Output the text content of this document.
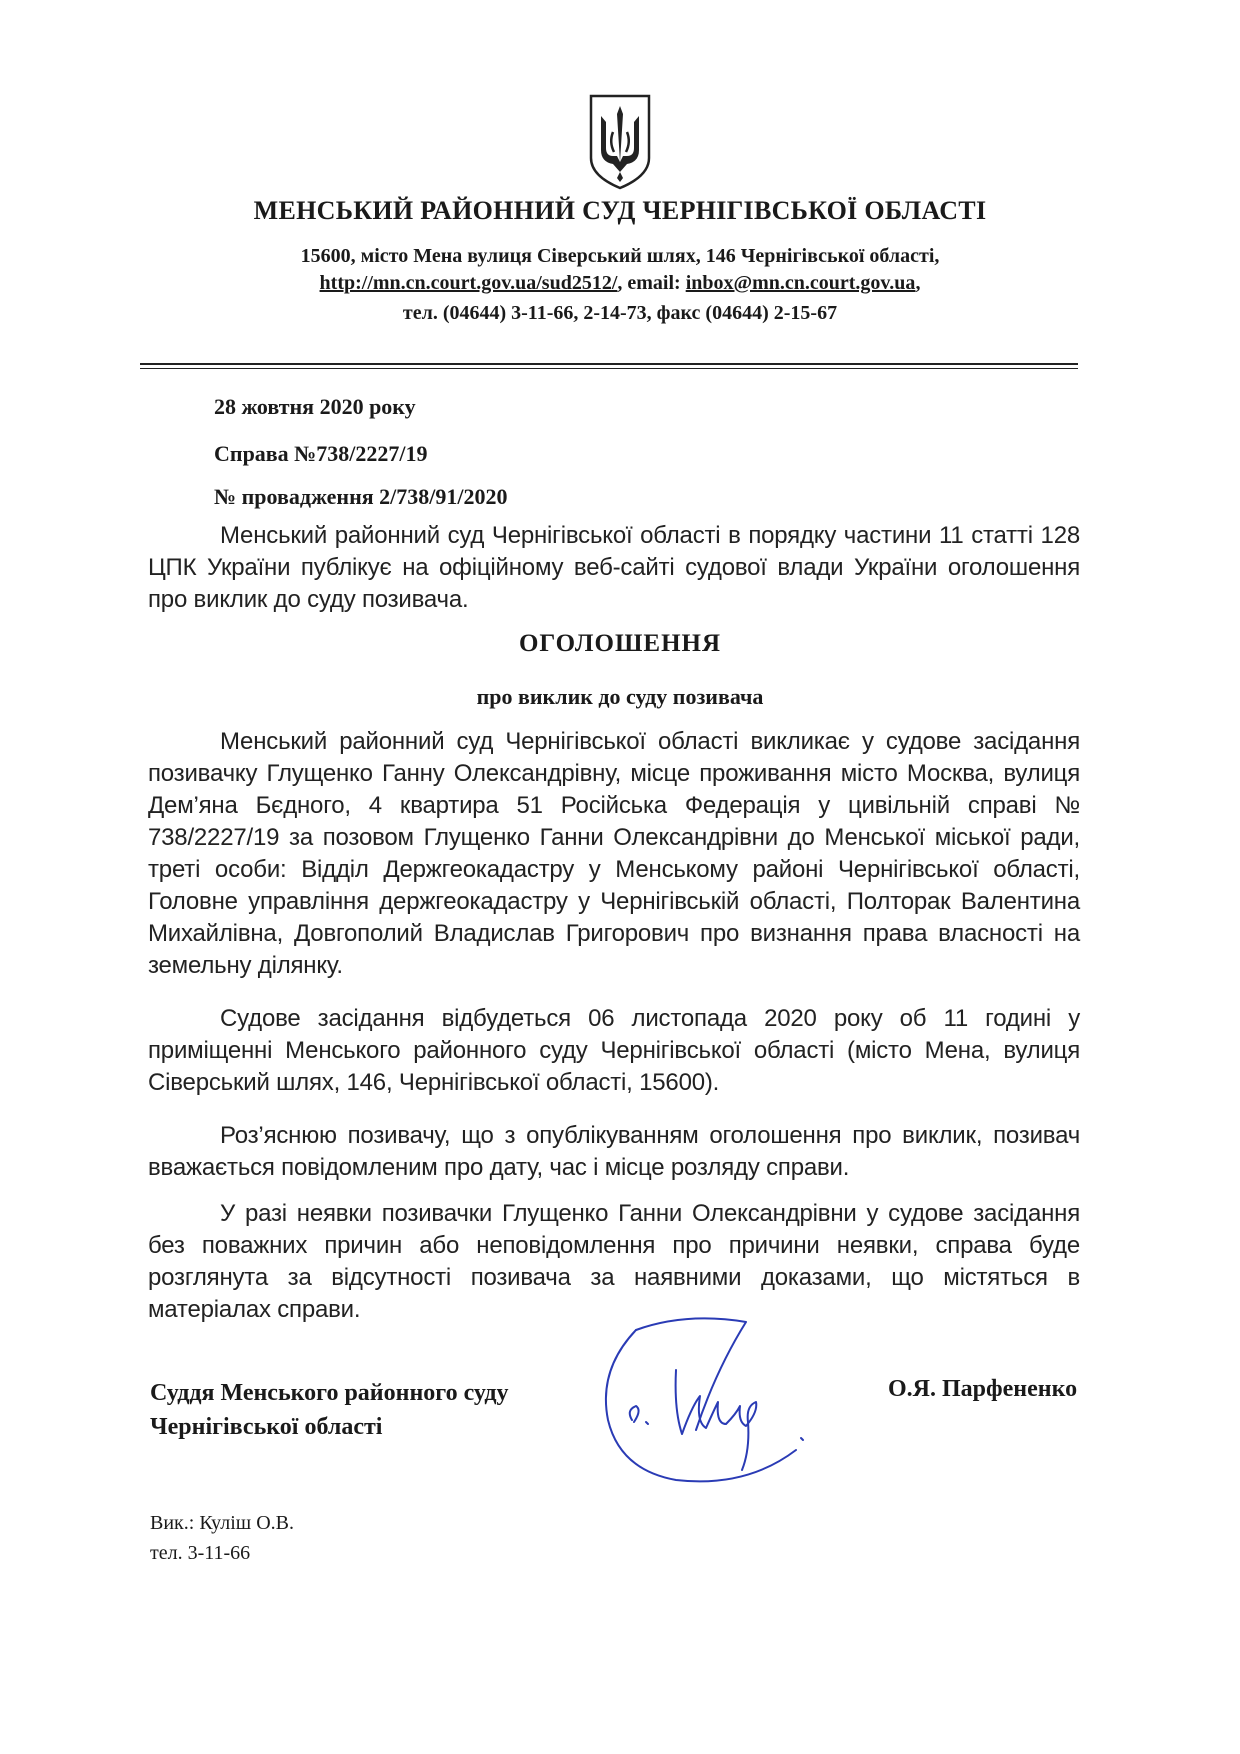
МЕНСЬКИЙ РАЙОННИЙ СУД ЧЕРНІГІВСЬКОЇ ОБЛАСТІ
15600, місто Мена вулиця Сіверський шлях, 146 Чернігівської області,
http://mn.cn.court.gov.ua/sud2512/, email: inbox@mn.cn.court.gov.ua,
тел. (04644) 3-11-66, 2-14-73, факс (04644) 2-15-67
28 жовтня 2020 року
Справа №738/2227/19
№ провадження 2/738/91/2020
Менський районний суд Чернігівської області в порядку частини 11 статті 128 ЦПК України публікує на офіційному веб-сайті судової влади України оголошення про виклик до суду позивача.
ОГОЛОШЕННЯ
про виклик до суду позивача
Менський районний суд Чернігівської області викликає у судове засідання позивачку Глущенко Ганну Олександрівну, місце проживання місто Москва, вулиця Дем’яна Бєдного, 4 квартира 51 Російська Федерація у цивільній справі № 738/2227/19 за позовом Глущенко Ганни Олександрівни до Менської міської ради, треті особи: Відділ Держгеокадастру у Менському районі Чернігівської області, Головне управління держгеокадастру у Чернігівській області, Полторак Валентина Михайлівна, Довгополий Владислав Григорович про визнання права власності на земельну ділянку.
Судове засідання відбудеться 06 листопада 2020 року об 11 годині у приміщенні Менського районного суду Чернігівської області (місто Мена, вулиця Сіверський шлях, 146, Чернігівської області, 15600).
Роз’яснюю позивачу, що з опублікуванням оголошення про виклик, позивач вважається повідомленим про дату, час і місце розляду справи.
У разі неявки позивачки Глущенко Ганни Олександрівни у судове засідання без поважних причин або неповідомлення про причини неявки, справа буде розглянута за відсутності позивача за наявними доказами, що містяться в матеріалах справи.
Суддя Менського районного суду
Чернігівської області
О.Я. Парфененко
Вик.: Куліш О.В.
тел. 3-11-66
